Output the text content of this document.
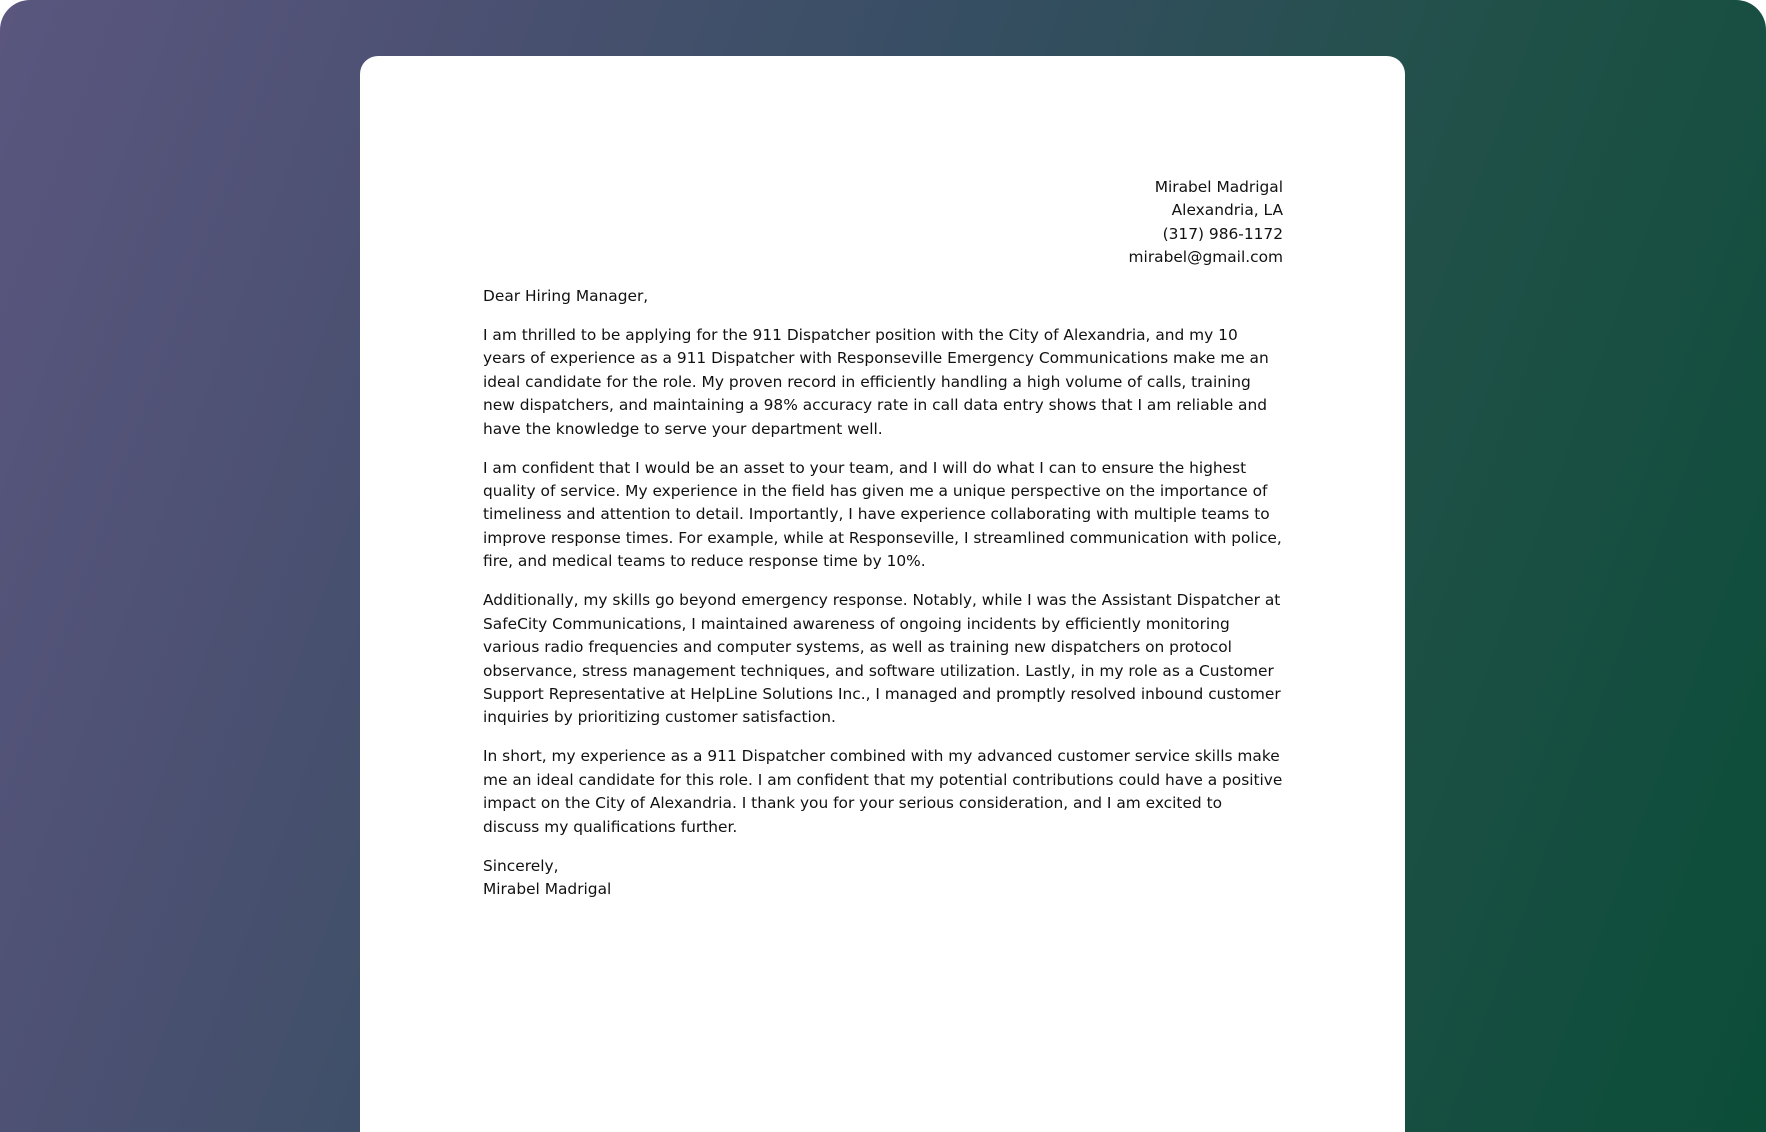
Mirabel Madrigal
Alexandria, LA
(317) 986-1172
mirabel@gmail.com
Dear Hiring Manager,

I am thrilled to be applying for the 911 Dispatcher position with the City of Alexandria, and my 10 years of experience as a 911 Dispatcher with Responseville Emergency Communications make me an ideal candidate for the role. My proven record in efficiently handling a high volume of calls, training new dispatchers, and maintaining a 98% accuracy rate in call data entry shows that I am reliable and have the knowledge to serve your department well.

I am confident that I would be an asset to your team, and I will do what I can to ensure the highest quality of service. My experience in the field has given me a unique perspective on the importance of timeliness and attention to detail. Importantly, I have experience collaborating with multiple teams to improve response times. For example, while at Responseville, I streamlined communication with police, fire, and medical teams to reduce response time by 10%.

Additionally, my skills go beyond emergency response. Notably, while I was the Assistant Dispatcher at SafeCity Communications, I maintained awareness of ongoing incidents by efficiently monitoring various radio frequencies and computer systems, as well as training new dispatchers on protocol observance, stress management techniques, and software utilization. Lastly, in my role as a Customer Support Representative at HelpLine Solutions Inc., I managed and promptly resolved inbound customer inquiries by prioritizing customer satisfaction.

In short, my experience as a 911 Dispatcher combined with my advanced customer service skills make me an ideal candidate for this role. I am confident that my potential contributions could have a positive impact on the City of Alexandria. I thank you for your serious consideration, and I am excited to discuss my qualifications further.

Sincerely,
Mirabel Madrigal
